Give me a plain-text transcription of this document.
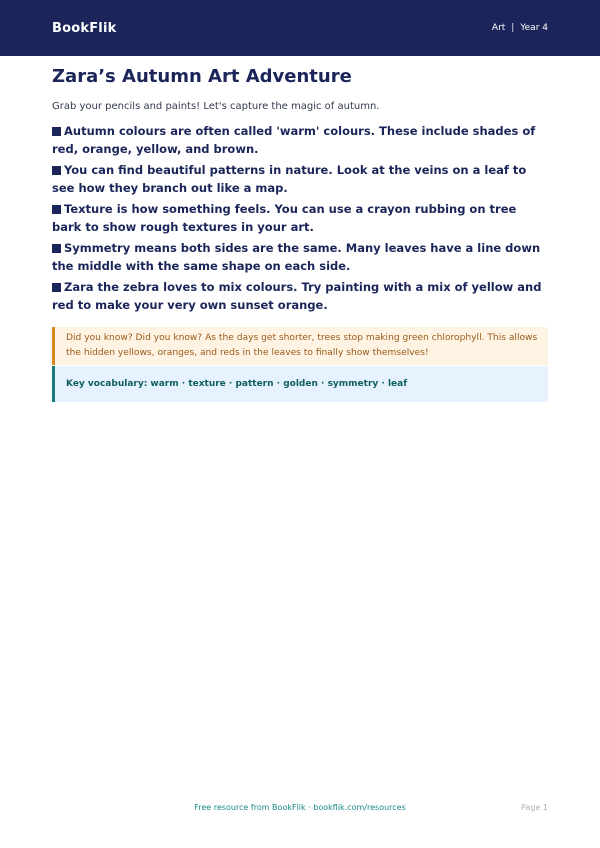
BookFlik	Art | Year 4
Zara’s Autumn Art Adventure

Grab your pencils and paints! Let's capture the magic of autumn.

Autumn colours are often called 'warm' colours. These include shades of red, orange, yellow, and brown.
You can find beautiful patterns in nature. Look at the veins on a leaf to see how they branch out like a map.
Texture is how something feels. You can use a crayon rubbing on tree bark to show rough textures in your art.
Symmetry means both sides are the same. Many leaves have a line down the middle with the same shape on each side.
Zara the zebra loves to mix colours. Try painting with a mix of yellow and red to make your very own sunset orange.
Did you know? Did you know? As the days get shorter, trees stop making green chlorophyll. This allows the hidden yellows, oranges, and reds in the leaves to finally show themselves!
Key vocabulary: warm · texture · pattern · golden · symmetry · leaf
Free resource from BookFlik · bookflik.com/resources	Page 1
